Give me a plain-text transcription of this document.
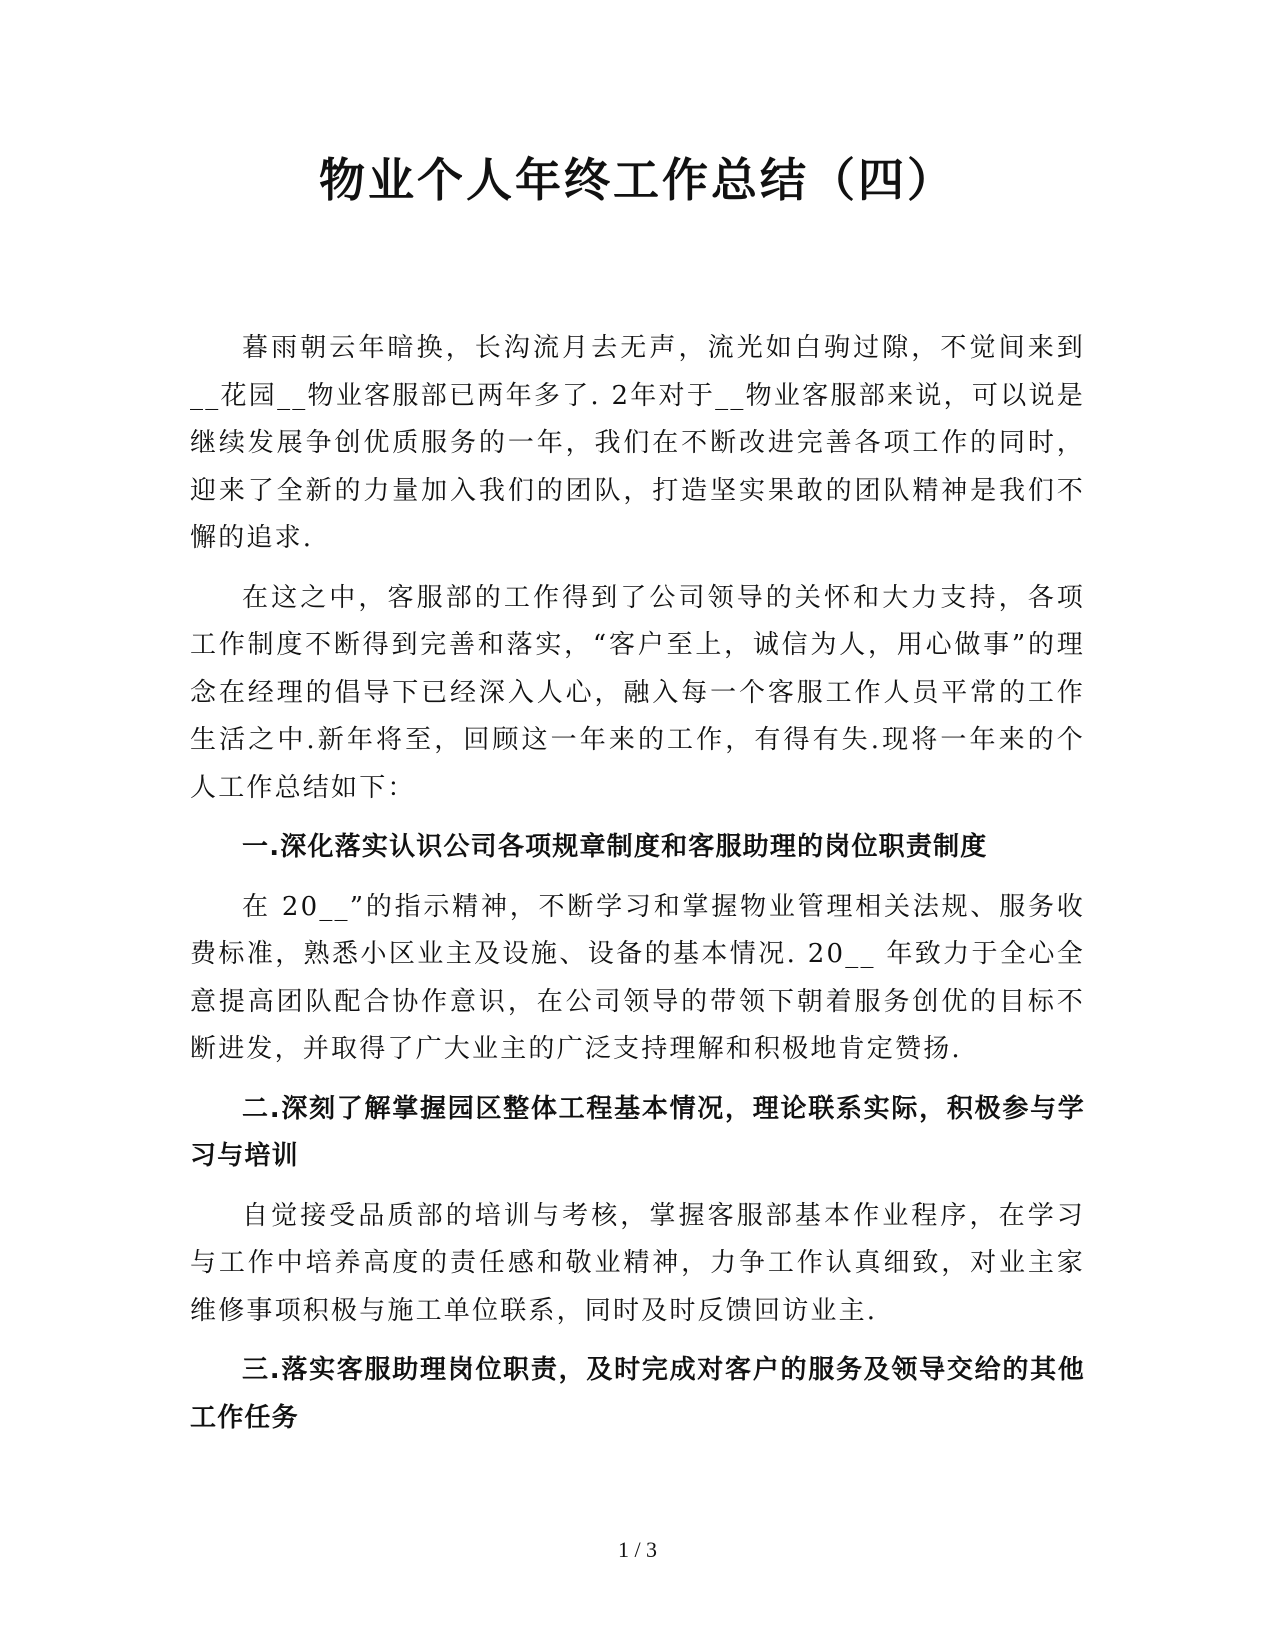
物业个人年终工作总结（四）

暮雨朝云年暗换，长沟流月去无声，流光如白驹过隙，不觉间来到__花园__物业客服部已两年多了. 2年对于__物业客服部来说，可以说是继续发展争创优质服务的一年，我们在不断改进完善各项工作的同时，迎来了全新的力量加入我们的团队，打造坚实果敢的团队精神是我们不懈的追求.

在这之中，客服部的工作得到了公司领导的关怀和大力支持，各项工作制度不断得到完善和落实，“客户至上，诚信为人，用心做事”的理念在经理的倡导下已经深入人心，融入每一个客服工作人员平常的工作生活之中.新年将至，回顾这一年来的工作，有得有失.现将一年来的个人工作总结如下：

一.深化落实认识公司各项规章制度和客服助理的岗位职责制度

在 20__”的指示精神，不断学习和掌握物业管理相关法规、服务收费标准，熟悉小区业主及设施、设备的基本情况. 20__ 年致力于全心全意提高团队配合协作意识，在公司领导的带领下朝着服务创优的目标不断进发，并取得了广大业主的广泛支持理解和积极地肯定赞扬.

二.深刻了解掌握园区整体工程基本情况，理论联系实际，积极参与学习与培训

自觉接受品质部的培训与考核，掌握客服部基本作业程序，在学习与工作中培养高度的责任感和敬业精神，力争工作认真细致，对业主家维修事项积极与施工单位联系，同时及时反馈回访业主.

三.落实客服助理岗位职责，及时完成对客户的服务及领导交给的其他工作任务

1 / 3
